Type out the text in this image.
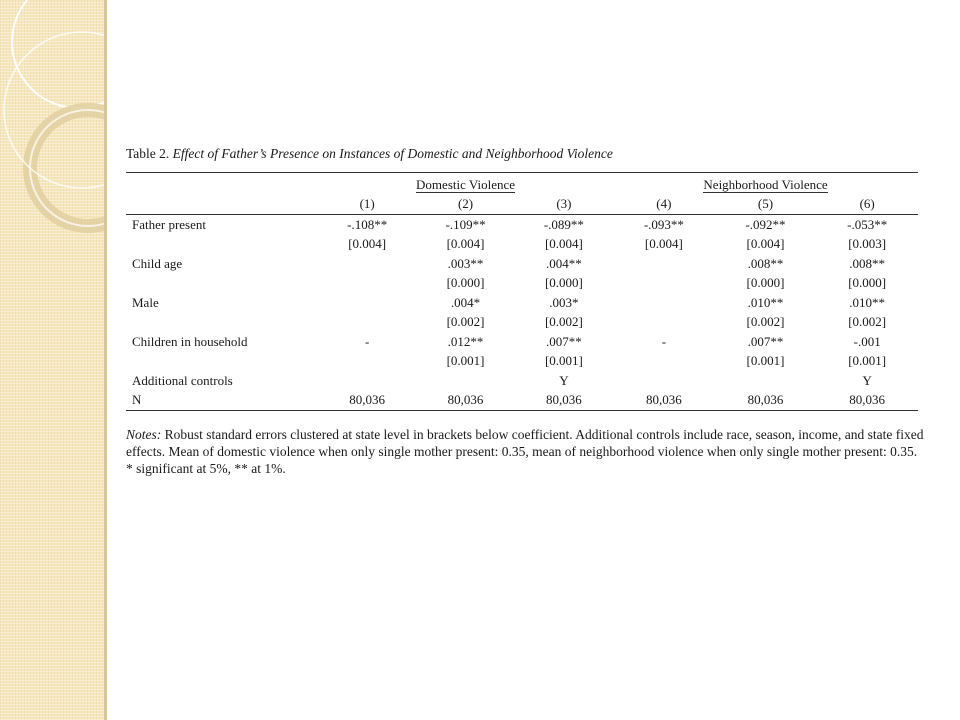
Table 2. Effect of Father’s Presence on Instances of Domestic and Neighborhood Violence
	Domestic Violence			Neighborhood Violence		
	(1)	(2)	(3)	(4)	(5)	(6)
Father present	-.108**	-.109**	-.089**	-.093**	-.092**	-.053**
	[0.004]	[0.004]	[0.004]	[0.004]	[0.004]	[0.003]
Child age		.003**	.004**		.008**	.008**
		[0.000]	[0.000]		[0.000]	[0.000]
Male		.004*	.003*		.010**	.010**
		[0.002]	[0.002]		[0.002]	[0.002]
Children in household	-	.012**	.007**	-	.007**	-.001
		[0.001]	[0.001]		[0.001]	[0.001]
Additional controls			Y			Y
N	80,036	80,036	80,036	80,036	80,036	80,036
Notes: Robust standard errors clustered at state level in brackets below coefficient. Additional controls include race, season, income, and state fixed effects. Mean of domestic violence when only single mother present: 0.35, mean of neighborhood violence when only single mother present: 0.35. * significant at 5%, ** at 1%.
